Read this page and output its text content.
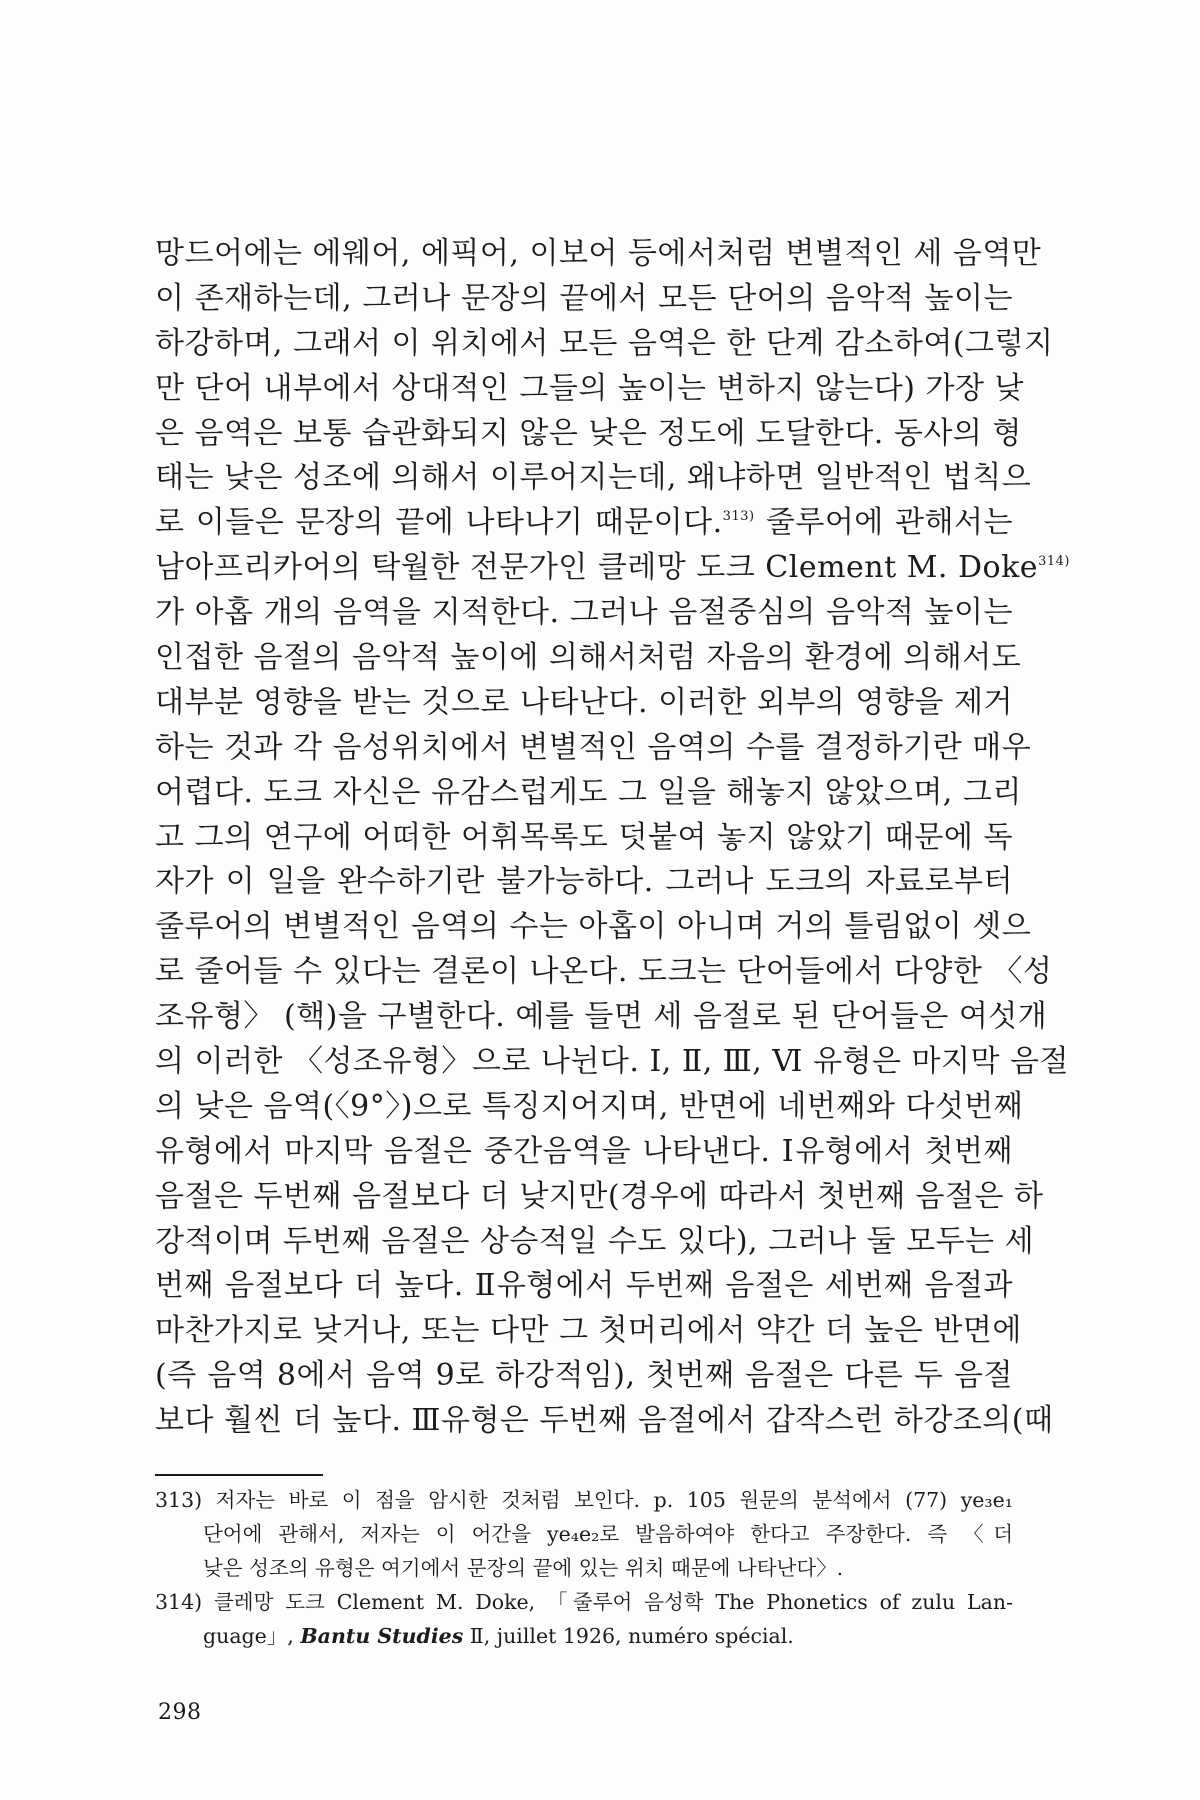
망드어에는 에웨어, 에픽어, 이보어 등에서처럼 변별적인 세 음역만
이 존재하는데, 그러나 문장의 끝에서 모든 단어의 음악적 높이는
하강하며, 그래서 이 위치에서 모든 음역은 한 단계 감소하여(그렇지
만 단어 내부에서 상대적인 그들의 높이는 변하지 않는다) 가장 낮
은 음역은 보통 습관화되지 않은 낮은 정도에 도달한다. 동사의 형
태는 낮은 성조에 의해서 이루어지는데, 왜냐하면 일반적인 법칙으
로 이들은 문장의 끝에 나타나기 때문이다.$^{313)}$ 줄루어에 관해서는
남아프리카어의 탁월한 전문가인 클레망 도크 Clement M. Doke$^{314)}$
가 아홉 개의 음역을 지적한다. 그러나 음절중심의 음악적 높이는
인접한 음절의 음악적 높이에 의해서처럼 자음의 환경에 의해서도
대부분 영향을 받는 것으로 나타난다. 이러한 외부의 영향을 제거
하는 것과 각 음성위치에서 변별적인 음역의 수를 결정하기란 매우
어렵다. 도크 자신은 유감스럽게도 그 일을 해놓지 않았으며, 그리
고 그의 연구에 어떠한 어휘목록도 덧붙여 놓지 않았기 때문에 독
자가 이 일을 완수하기란 불가능하다. 그러나 도크의 자료로부터
줄루어의 변별적인 음역의 수는 아홉이 아니며 거의 틀림없이 셋으
로 줄어들 수 있다는 결론이 나온다. 도크는 단어들에서 다양한 〈성
조유형〉 (핵)을 구별한다. 예를 들면 세 음절로 된 단어들은 여섯개
의 이러한 〈성조유형〉으로 나뉜다. Ⅰ, Ⅱ, Ⅲ, Ⅵ 유형은 마지막 음절
의 낮은 음역(〈9°〉)으로 특징지어지며, 반면에 네번째와 다섯번째
유형에서 마지막 음절은 중간음역을 나타낸다. Ⅰ유형에서 첫번째
음절은 두번째 음절보다 더 낮지만(경우에 따라서 첫번째 음절은 하
강적이며 두번째 음절은 상승적일 수도 있다), 그러나 둘 모두는 세
번째 음절보다 더 높다. Ⅱ유형에서 두번째 음절은 세번째 음절과
마찬가지로 낮거나, 또는 다만 그 첫머리에서 약간 더 높은 반면에
(즉 음역 8에서 음역 9로 하강적임), 첫번째 음절은 다른 두 음절
보다 훨씬 더 높다. Ⅲ유형은 두번째 음절에서 갑작스런 하강조의(때
313) 저자는 바로 이 점을 암시한 것처럼 보인다. p. 105 원문의 분석에서 (77) ye₃e₁
단어에 관해서, 저자는 이 어간을 ye₄e₂로 발음하여야 한다고 주장한다. 즉 〈더
낮은 성조의 유형은 여기에서 문장의 끝에 있는 위치 때문에 나타난다〉.
314) 클레망 도크 Clement M. Doke, 「줄루어 음성학 The Phonetics of zulu Lan-
guage」, Bantu Studies Ⅱ, juillet 1926, numéro spécial.
298
